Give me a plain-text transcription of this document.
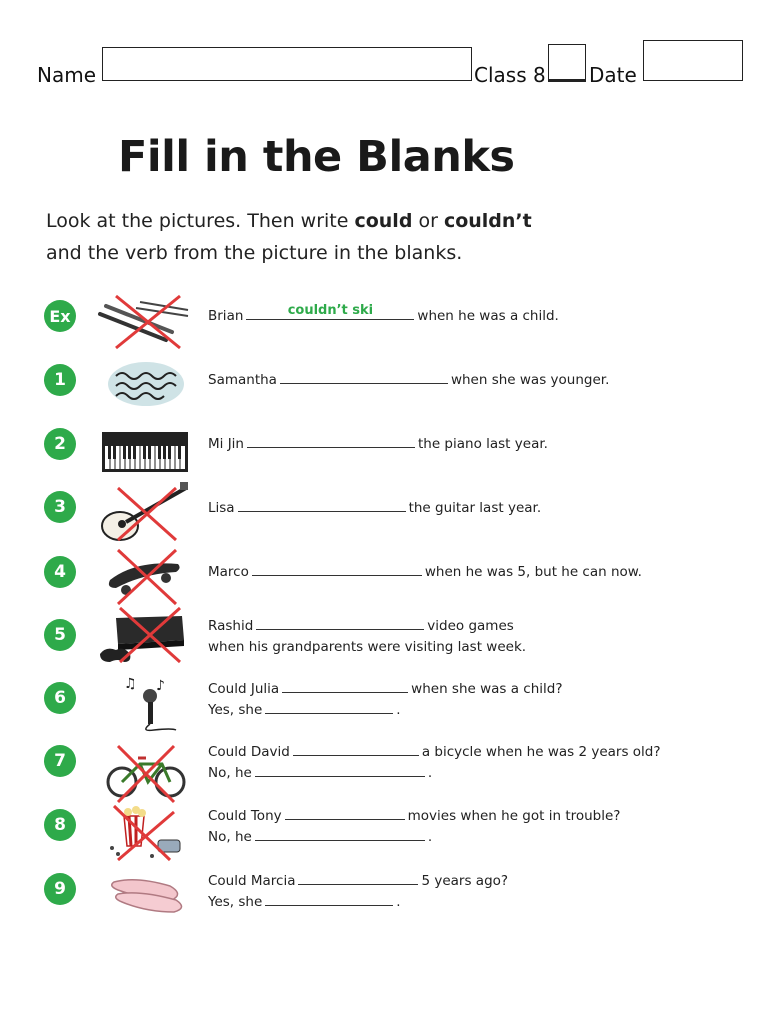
Name	Class 8 Date
Fill in the Blanks
Look at the pictures. Then write could or couldn’t
and the verb from the picture in the blanks.
Ex	Brian	couldn’t ski	when he was a child.
1	Samantha	when she was younger.
2	Mi Jin	the piano last year.
3	Lisa	the guitar last year.
4	Marco	when he was 5, but he can now.
5	Rashid	video games
when his grandparents were visiting last week.
6
♫ ♪	Could Julia	when she was a child?
Yes, she	.
7	Could David	a bicycle when he was 2 years old?
No, he	.
8	Could Tony	movies when he got in trouble?
No, he	.
9	Could Marcia	5 years ago?
Yes, she	.
